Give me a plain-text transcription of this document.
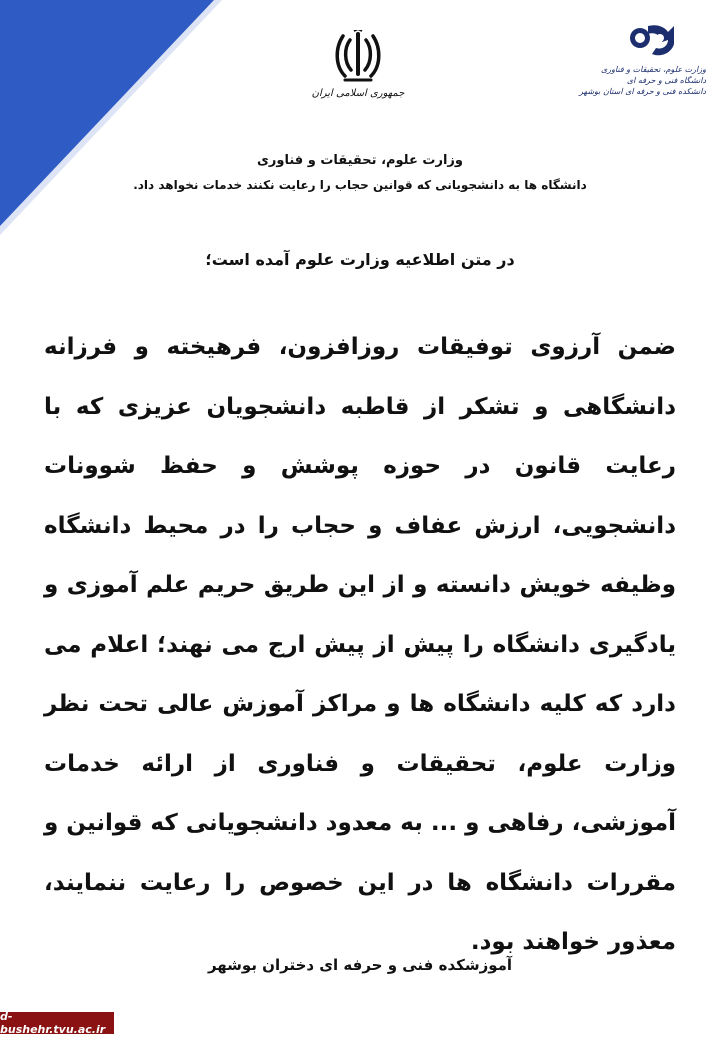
جمهوری اسلامی ایران
وزارت علوم، تحقیقات و فناوری
دانشگاه فنی و حرفه ای
دانشکده فنی و حرفه ای استان بوشهر
وزارت علوم، تحقیقات و فناوری
دانشگاه ها به دانشجویانی که قوانین حجاب را رعایت نکنند خدمات نخواهد داد.
در متن اطلاعیه وزارت علوم آمده است؛
ضمن آرزوی توفیقات روزافزون، فرهیخته و فرزانه دانشگاهی و تشکر از قاطبه دانشجویان عزیزی که با رعایت قانون در حوزه پوشش و حفظ شوونات دانشجویی، ارزش عفاف و حجاب را در محیط دانشگاه وظیفه خویش دانسته و از این طریق حریم علم آموزی و یادگیری دانشگاه را پیش از پیش ارج می نهند؛ اعلام می دارد که کلیه دانشگاه ها و مراکز آموزش عالی تحت نظر وزارت علوم، تحقیقات و فناوری از ارائه خدمات آموزشی، رفاهی و ... به معدود دانشجویانی که قوانین و مقررات دانشگاه ها در این خصوص را رعایت ننمایند، معذور خواهند بود.
آموزشکده فنی و حرفه ای دختران بوشهر
d-bushehr.tvu.ac.ir
